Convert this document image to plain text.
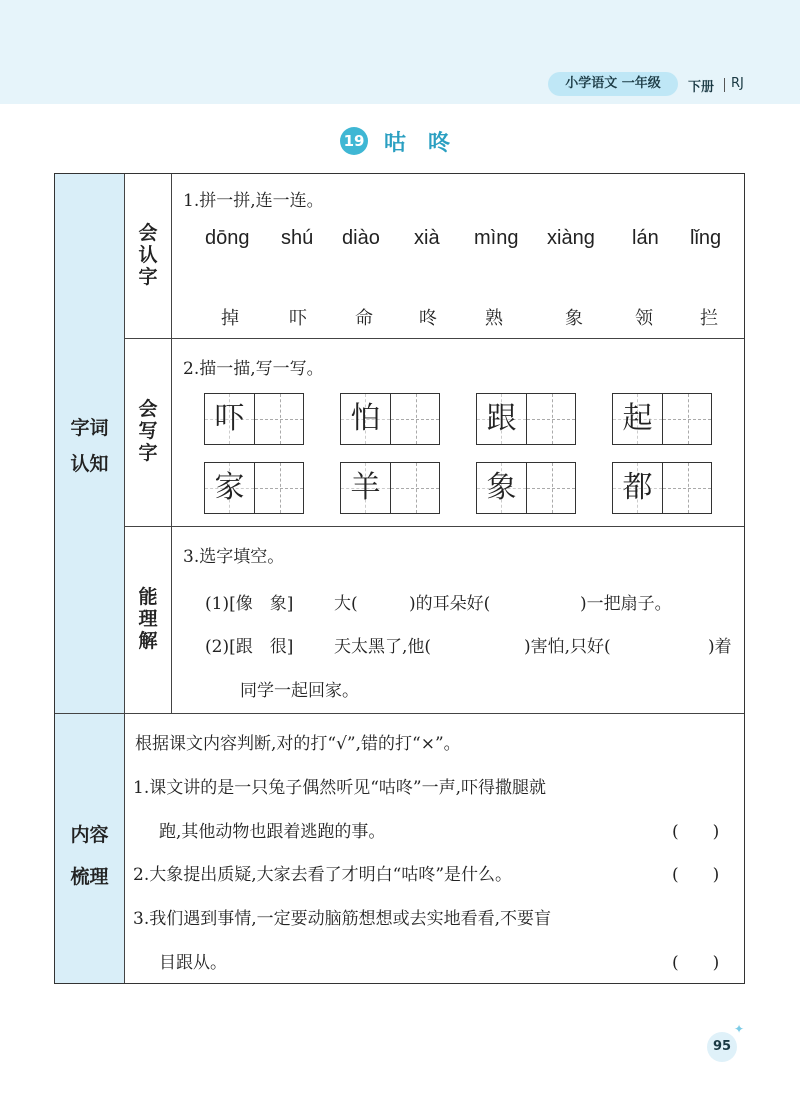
小学语文 一年级	下册 RJ
19 咕咚
字词
认知
内容
梳理
会认字
1.拼一拼,连一连。
dōng shú diào xià mìng xiàng lán lǐng
掉	吓	命	咚	熟	象	领	拦
会写字
2.描一描,写一写。
吓	怕	跟	起
家	羊	象	都
能理解
3.选字填空。
(1)[像　象] 大(	)的耳朵好(	)一把扇子。
(2)[跟　很] 天太黑了,他(	)害怕,只好(	)着
同学一起回家。
根据课文内容判断,对的打“√”,错的打“×”。
1.课文讲的是一只兔子偶然听见“咕咚”一声,吓得撒腿就
跑,其他动物也跟着逃跑的事。	(　　)
2.大象提出质疑,大家去看了才明白“咕咚”是什么。	(　　)
3.我们遇到事情,一定要动脑筋想想或去实地看看,不要盲
目跟从。	(　　)
95
✦
